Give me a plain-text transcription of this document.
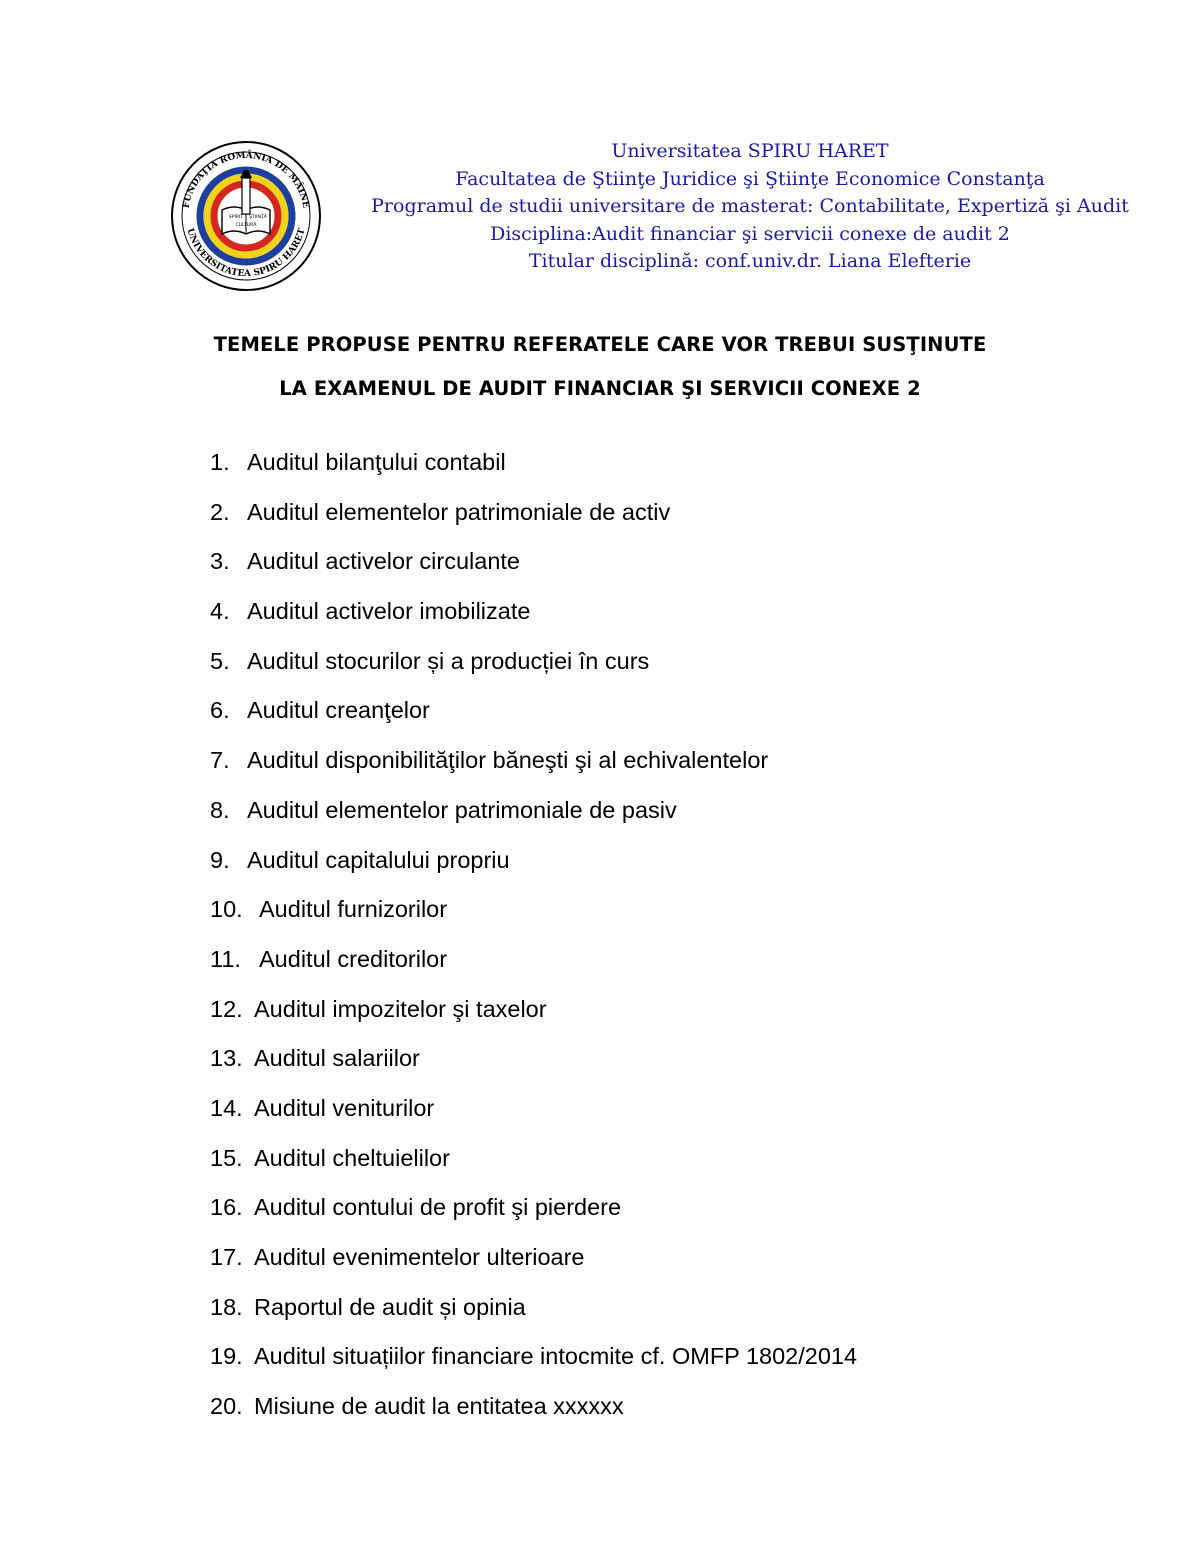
SPIRIT ŞTIINŢĂ
CULTURĂ
FUNDAŢIA ROMÂNIA DE MÂINE
UNIVERSITATEA SPIRU HARET
Universitatea SPIRU HARET
Facultatea de Ştiinţe Juridice şi Ştiinţe Economice Constanţa
Programul de studii universitare de masterat: Contabilitate, Expertiză şi Audit
Disciplina:Audit financiar şi servicii conexe de audit 2
Titular disciplină: conf.univ.dr. Liana Elefterie
TEMELE PROPUSE PENTRU REFERATELE CARE VOR TREBUI SUSŢINUTE
LA EXAMENUL DE AUDIT FINANCIAR ŞI SERVICII CONEXE 2
1. Auditul bilanţului contabil
2. Auditul elementelor patrimoniale de activ
3. Auditul activelor circulante
4. Auditul activelor imobilizate
5. Auditul stocurilor și a producției în curs
6. Auditul creanţelor
7. Auditul disponibilităţilor băneşti şi al echivalentelor
8. Auditul elementelor patrimoniale de pasiv
9. Auditul capitalului propriu
10. Auditul furnizorilor
11. Auditul creditorilor
12. Auditul impozitelor şi taxelor
13. Auditul salariilor
14. Auditul veniturilor
15. Auditul cheltuielilor
16. Auditul contului de profit şi pierdere
17. Auditul evenimentelor ulterioare
18. Raportul de audit și opinia
19. Auditul situațiilor financiare intocmite cf. OMFP 1802/2014
20. Misiune de audit la entitatea xxxxxx
